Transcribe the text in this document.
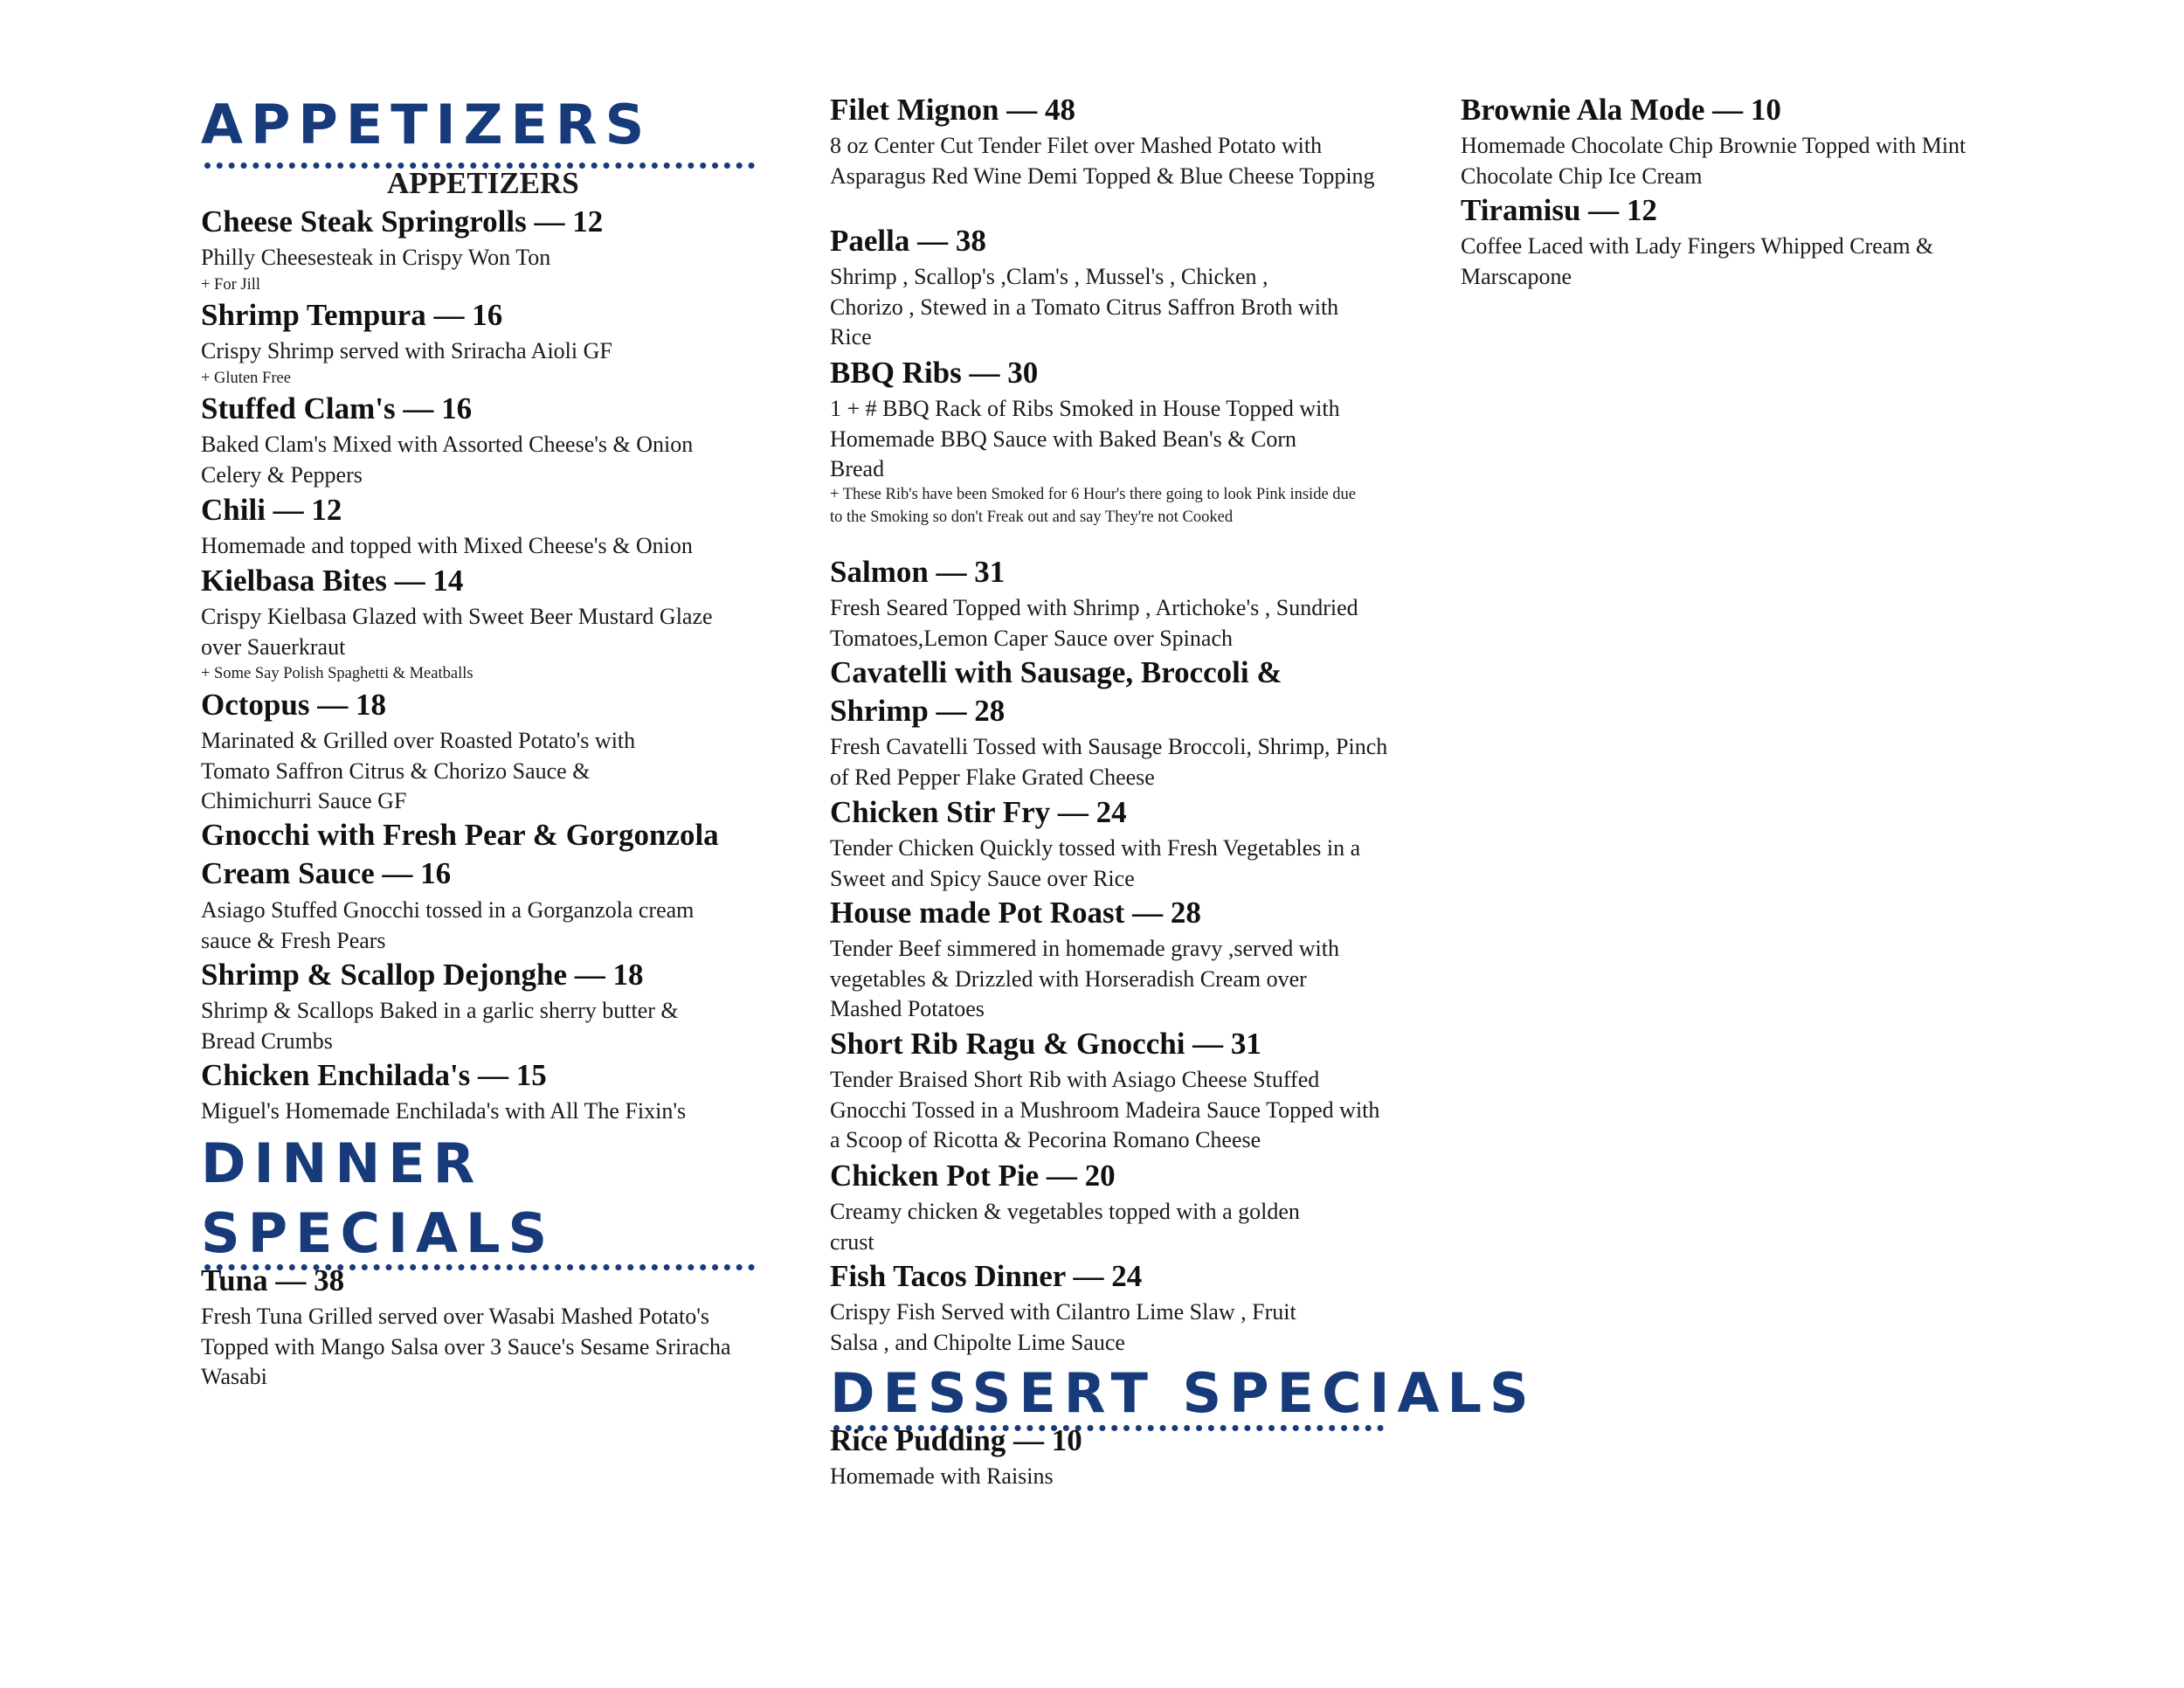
APPETIZERS
APPETIZERS
Cheese Steak Springrolls — 12

Philly Cheesesteak in Crispy Won Ton

+ For Jill

Shrimp Tempura — 16

Crispy Shrimp served with Sriracha Aioli GF

+ Gluten Free

Stuffed Clam's — 16

Baked Clam's Mixed with Assorted Cheese's & Onion Celery & Peppers

Chili — 12

Homemade and topped with Mixed Cheese's & Onion

Kielbasa Bites — 14

Crispy Kielbasa Glazed with Sweet Beer Mustard Glaze over Sauerkraut

+ Some Say Polish Spaghetti & Meatballs

Octopus — 18

Marinated & Grilled over Roasted Potato's with Tomato Saffron Citrus & Chorizo Sauce & Chimichurri Sauce GF

Gnocchi with Fresh Pear & Gorgonzola Cream Sauce — 16

Asiago Stuffed Gnocchi tossed in a Gorganzola cream sauce & Fresh Pears

Shrimp & Scallop Dejonghe — 18

Shrimp & Scallops Baked in a garlic sherry butter & Bread Crumbs

Chicken Enchilada's — 15

Miguel's Homemade Enchilada's with All The Fixin's

DINNER
SPECIALS
Tuna — 38

Fresh Tuna Grilled served over Wasabi Mashed Potato's Topped with Mango Salsa over 3 Sauce's Sesame Sriracha Wasabi

Filet Mignon — 48

8 oz Center Cut Tender Filet over Mashed Potato with Asparagus Red Wine Demi Topped & Blue Cheese Topping

Paella — 38

Shrimp , Scallop's ,Clam's , Mussel's , Chicken , Chorizo , Stewed in a Tomato Citrus Saffron Broth with Rice

BBQ Ribs — 30

1 + # BBQ Rack of Ribs Smoked in House Topped with Homemade BBQ Sauce with Baked Bean's & Corn Bread

+ These Rib's have been Smoked for 6 Hour's there going to look Pink inside due to the Smoking so don't Freak out and say They're not Cooked

Salmon — 31

Fresh Seared Topped with Shrimp , Artichoke's , Sundried Tomatoes,Lemon Caper Sauce over Spinach

Cavatelli with Sausage, Broccoli & Shrimp — 28

Fresh Cavatelli Tossed with Sausage Broccoli, Shrimp, Pinch of Red Pepper Flake Grated Cheese

Chicken Stir Fry — 24

Tender Chicken Quickly tossed with Fresh Vegetables in a Sweet and Spicy Sauce over Rice

House made Pot Roast — 28

Tender Beef simmered in homemade gravy ,served with vegetables & Drizzled with Horseradish Cream over Mashed Potatoes

Short Rib Ragu & Gnocchi — 31

Tender Braised Short Rib with Asiago Cheese Stuffed Gnocchi Tossed in a Mushroom Madeira Sauce Topped with a Scoop of Ricotta & Pecorina Romano Cheese

Chicken Pot Pie — 20

Creamy chicken & vegetables topped with a golden crust

Fish Tacos Dinner — 24

Crispy Fish Served with Cilantro Lime Slaw , Fruit Salsa , and Chipolte Lime Sauce

DESSERT SPECIALS
Rice Pudding — 10

Homemade with Raisins

Brownie Ala Mode — 10

Homemade Chocolate Chip Brownie Topped with Mint Chocolate Chip Ice Cream

Tiramisu — 12

Coffee Laced with Lady Fingers Whipped Cream & Marscapone
